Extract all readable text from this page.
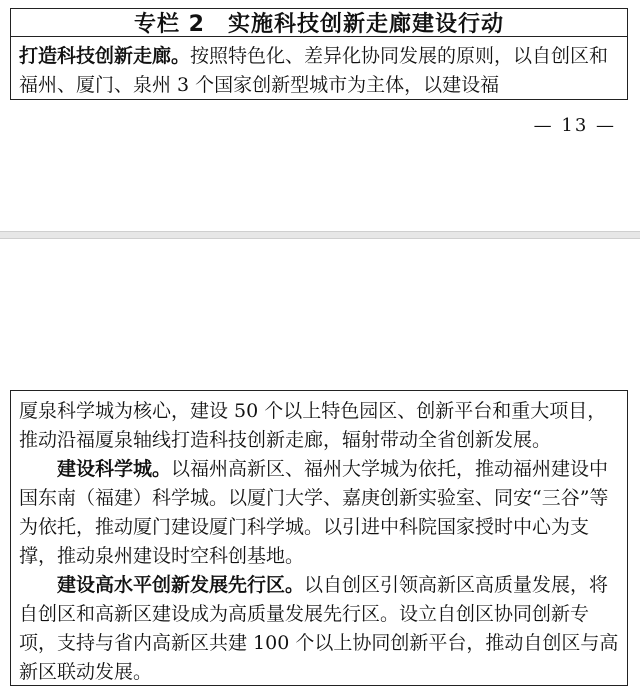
专栏 2　实施科技创新走廊建设行动
打造科技创新走廊。按照特色化、差异化协同发展的原则，以自创区和福州、厦门、泉州 3 个国家创新型城市为主体，以建设福
— 13 —

厦泉科学城为核心，建设 50 个以上特色园区、创新平台和重大项目，推动沿福厦泉轴线打造科技创新走廊，辐射带动全省创新发展。

建设科学城。以福州高新区、福州大学城为依托，推动福州建设中国东南（福建）科学城。以厦门大学、嘉庚创新实验室、同安“三谷”等为依托，推动厦门建设厦门科学城。以引进中科院国家授时中心为支撑，推动泉州建设时空科创基地。

建设高水平创新发展先行区。以自创区引领高新区高质量发展，将自创区和高新区建设成为高质量发展先行区。设立自创区协同创新专项，支持与省内高新区共建 100 个以上协同创新平台，推动自创区与高新区联动发展。
